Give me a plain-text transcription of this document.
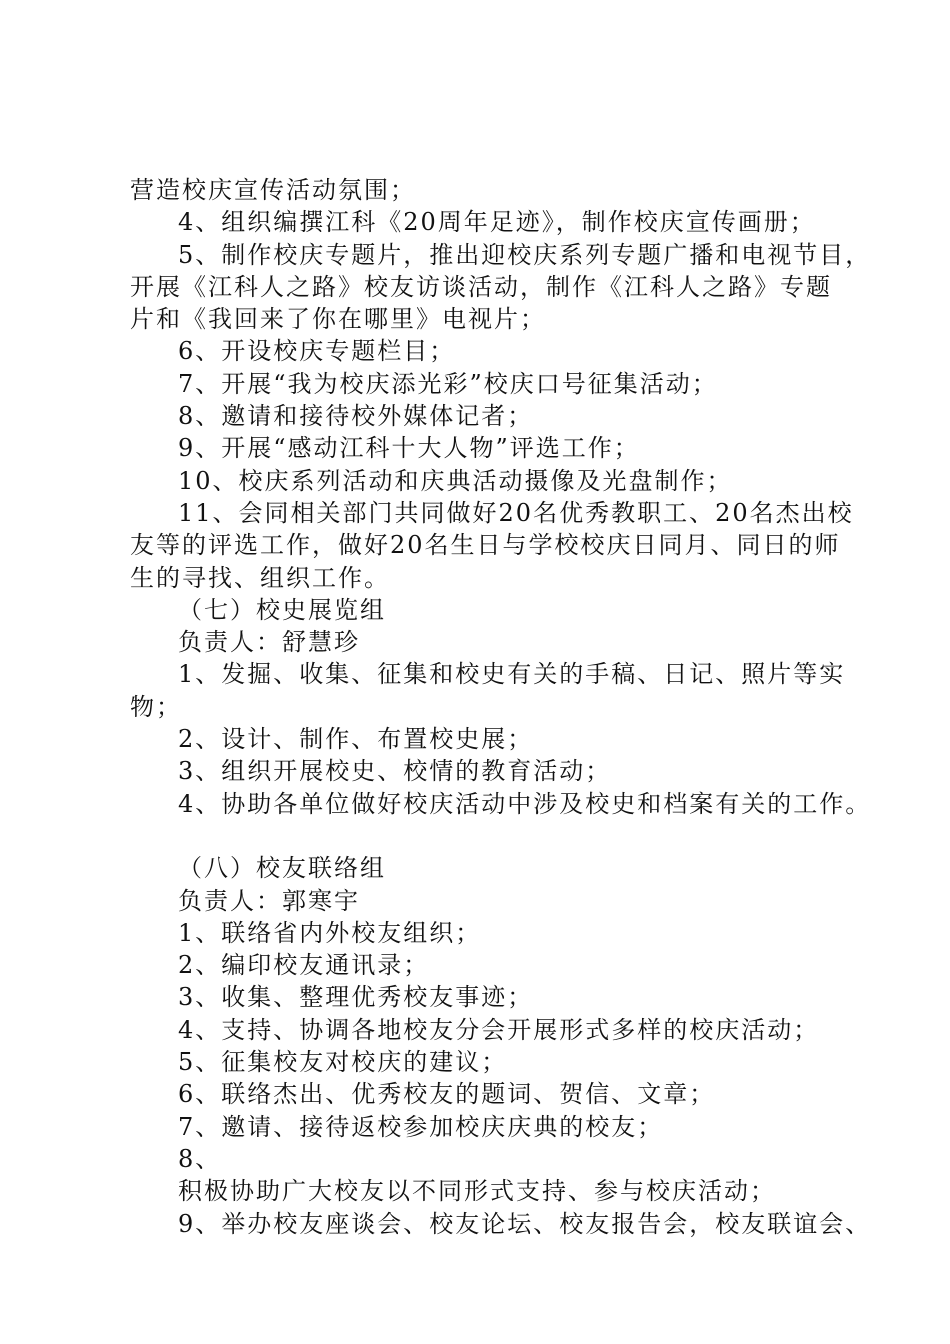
营造校庆宣传活动氛围；
4、组织编撰江科《20周年足迹》，制作校庆宣传画册；
5、制作校庆专题片，推出迎校庆系列专题广播和电视节目，
开展《江科人之路》校友访谈活动，制作《江科人之路》专题
片和《我回来了你在哪里》电视片；
6、开设校庆专题栏目；
7、开展“我为校庆添光彩”校庆口号征集活动；
8、邀请和接待校外媒体记者；
9、开展“感动江科十大人物”评选工作；
10、校庆系列活动和庆典活动摄像及光盘制作；
11、会同相关部门共同做好20名优秀教职工、20名杰出校
友等的评选工作，做好20名生日与学校校庆日同月、同日的师
生的寻找、组织工作。
（七）校史展览组
负责人：舒慧珍
1、发掘、收集、征集和校史有关的手稿、日记、照片等实
物；
2、设计、制作、布置校史展；
3、组织开展校史、校情的教育活动；
4、协助各单位做好校庆活动中涉及校史和档案有关的工作。
（八）校友联络组
负责人：郭寒宇
1、联络省内外校友组织；
2、编印校友通讯录；
3、收集、整理优秀校友事迹；
4、支持、协调各地校友分会开展形式多样的校庆活动；
5、征集校友对校庆的建议；
6、联络杰出、优秀校友的题词、贺信、文章；
7、邀请、接待返校参加校庆庆典的校友；
8、
积极协助广大校友以不同形式支持、参与校庆活动；
9、举办校友座谈会、校友论坛、校友报告会，校友联谊会、
